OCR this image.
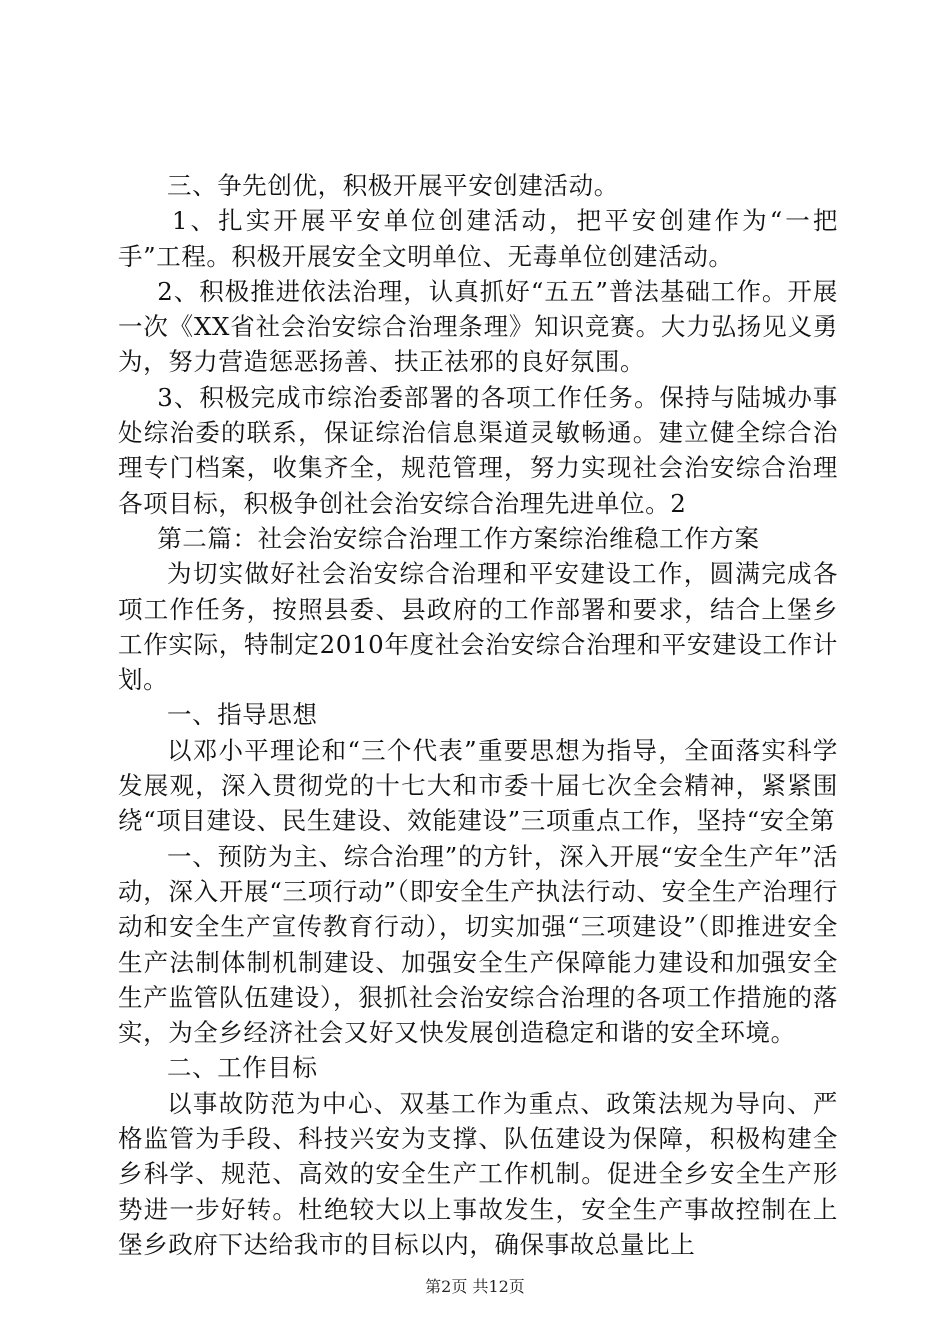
三、争先创优，积极开展平安创建活动。

1、扎实开展平安单位创建活动，把平安创建作为“一把手”工程。积极开展安全文明单位、无毒单位创建活动。

2、积极推进依法治理，认真抓好“五五”普法基础工作。开展一次《XX省社会治安综合治理条理》知识竞赛。大力弘扬见义勇为，努力营造惩恶扬善、扶正祛邪的良好氛围。

3、积极完成市综治委部署的各项工作任务。保持与陆城办事处综治委的联系，保证综治信息渠道灵敏畅通。建立健全综合治理专门档案，收集齐全，规范管理，努力实现社会治安综合治理各项目标，积极争创社会治安综合治理先进单位。2

第二篇：社会治安综合治理工作方案综治维稳工作方案

为切实做好社会治安综合治理和平安建设工作，圆满完成各项工作任务，按照县委、县政府的工作部署和要求，结合上堡乡工作实际，特制定2010年度社会治安综合治理和平安建设工作计划。

一、指导思想

以邓小平理论和“三个代表”重要思想为指导，全面落实科学发展观，深入贯彻党的十七大和市委十届七次全会精神，紧紧围绕“项目建设、民生建设、效能建设”三项重点工作，坚持“安全第

一、预防为主、综合治理”的方针，深入开展“安全生产年”活动，深入开展“三项行动”（即安全生产执法行动、安全生产治理行动和安全生产宣传教育行动），切实加强“三项建设”（即推进安全生产法制体制机制建设、加强安全生产保障能力建设和加强安全生产监管队伍建设），狠抓社会治安综合治理的各项工作措施的落实，为全乡经济社会又好又快发展创造稳定和谐的安全环境。

二、工作目标

以事故防范为中心、双基工作为重点、政策法规为导向、严格监管为手段、科技兴安为支撑、队伍建设为保障，积极构建全乡科学、规范、高效的安全生产工作机制。促进全乡安全生产形势进一步好转。杜绝较大以上事故发生，安全生产事故控制在上堡乡政府下达给我市的目标以内，确保事故总量比上

第2页 共12页
